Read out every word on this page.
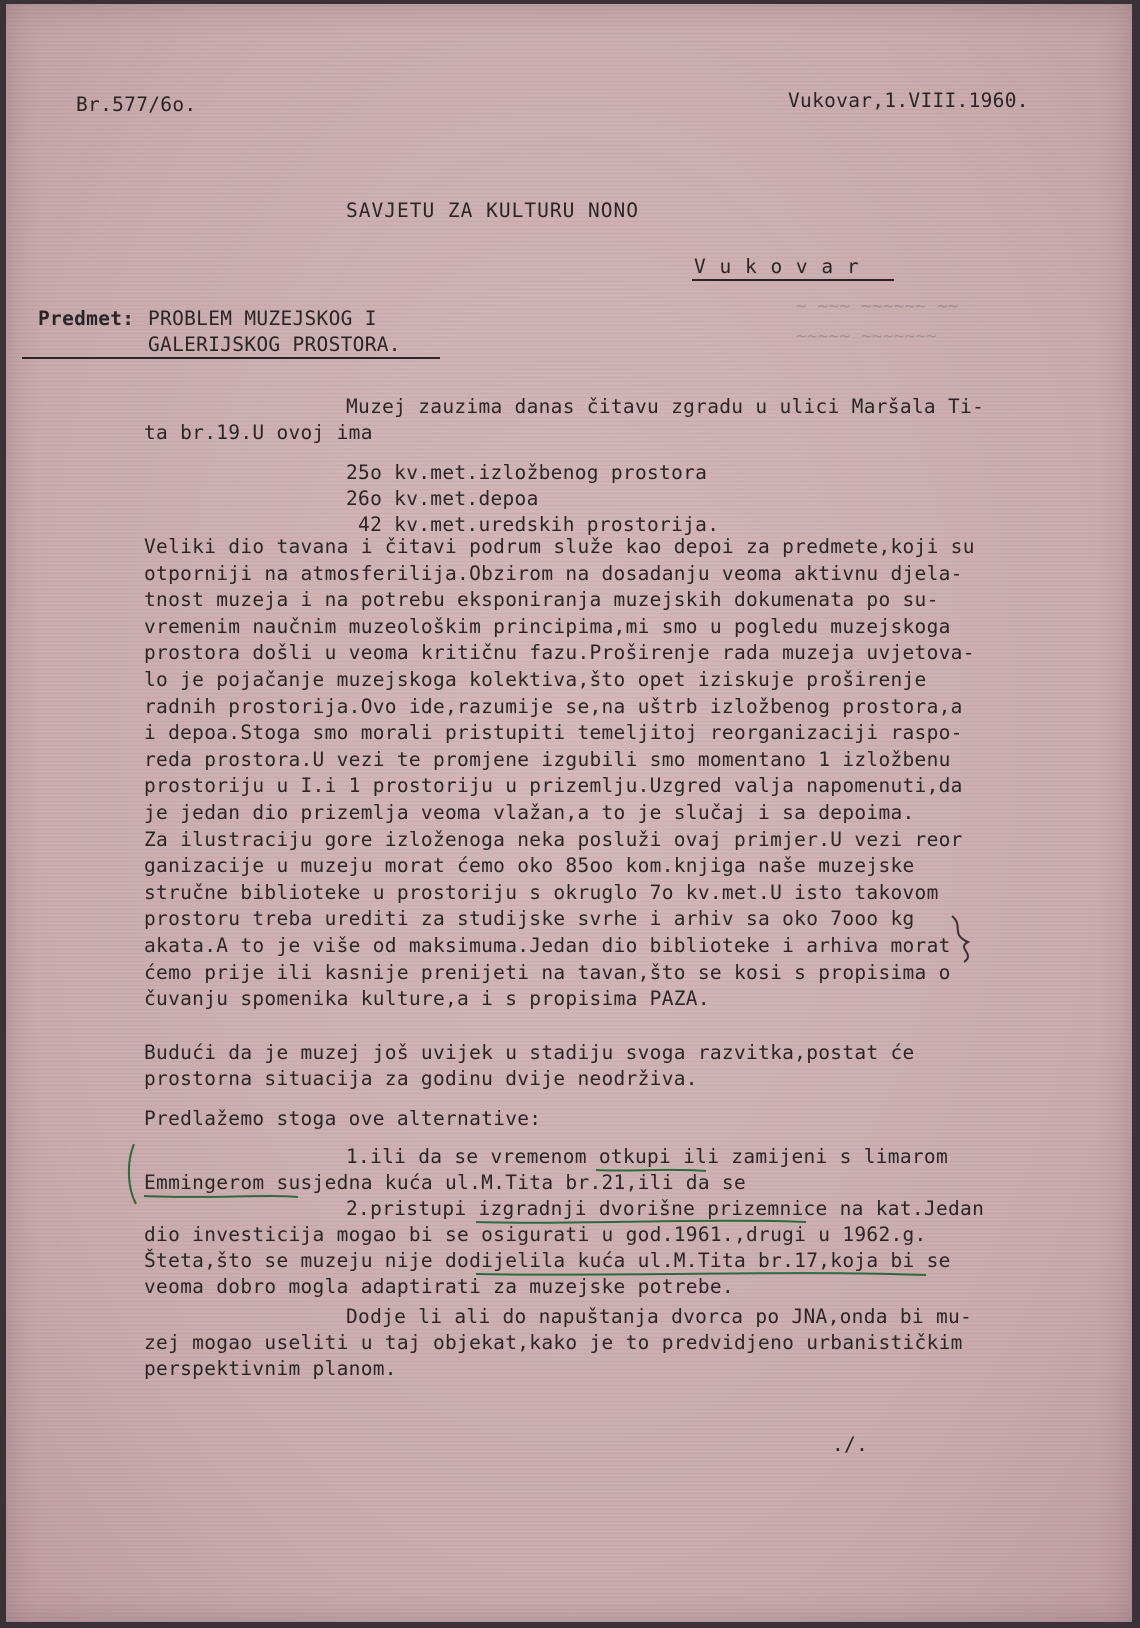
Br.577/6o.	Vukovar,1.VIII.1960.

SAVJETU ZA KULTURU NONO

V u k o v a r

~ ~~~ ~~~~~~ ~~
~~~~~ ~~~~~~~

Predmet: PROBLEM MUZEJSKOG I

GALERIJSKOG PROSTORA.

Muzej zauzima danas čitavu zgradu u ulici Maršala Ti-

ta br.19.U ovoj ima

25o kv.met.izložbenog prostora

26o kv.met.depoa

42 kv.met.uredskih prostorija.

Veliki dio tavana i čitavi podrum služe kao depoi za predmete,koji su

otporniji na atmosferilija.Obzirom na dosadanju veoma aktivnu djela-

tnost muzeja i na potrebu eksponiranja muzejskih dokumenata po su-

vremenim naučnim muzeološkim principima,mi smo u pogledu muzejskoga

prostora došli u veoma kritičnu fazu.Proširenje rada muzeja uvjetova-

lo je pojačanje muzejskoga kolektiva,što opet iziskuje proširenje

radnih prostorija.Ovo ide,razumije se,na uštrb izložbenog prostora,a

i depoa.Stoga smo morali pristupiti temeljitoj reorganizaciji raspo-

reda prostora.U vezi te promjene izgubili smo momentano 1 izložbenu

prostoriju u I.i 1 prostoriju u prizemlju.Uzgred valja napomenuti,da

je jedan dio prizemlja veoma vlažan,a to je slučaj i sa depoima.

Za ilustraciju gore izloženoga neka posluži ovaj primjer.U vezi reor

ganizacije u muzeju morat ćemo oko 85oo kom.knjiga naše muzejske

stručne biblioteke u prostoriju s okruglo 7o kv.met.U isto takovom

prostoru treba urediti za studijske svrhe i arhiv sa oko 7ooo kg

akata.A to je više od maksimuma.Jedan dio biblioteke i arhiva morat

ćemo prije ili kasnije prenijeti na tavan,što se kosi s propisima o

čuvanju spomenika kulture,a i s propisima PAZA.

Budući da je muzej još uvijek u stadiju svoga razvitka,postat će

prostorna situacija za godinu dvije neodrživa.

Predlažemo stoga ove alternative:

1.ili da se vremenom otkupi ili zamijeni s limarom

Emmingerom susjedna kuća ul.M.Tita br.21,ili da se

2.pristupi izgradnji dvorišne prizemnice na kat.Jedan

dio investicija mogao bi se osigurati u god.1961.,drugi u 1962.g.

Šteta,što se muzeju nije dodijelila kuća ul.M.Tita br.17,koja bi se

veoma dobro mogla adaptirati za muzejske potrebe.

Dodje li ali do napuštanja dvorca po JNA,onda bi mu-

zej mogao useliti u taj objekat,kako je to predvidjeno urbanističkim

perspektivnim planom.

./.
